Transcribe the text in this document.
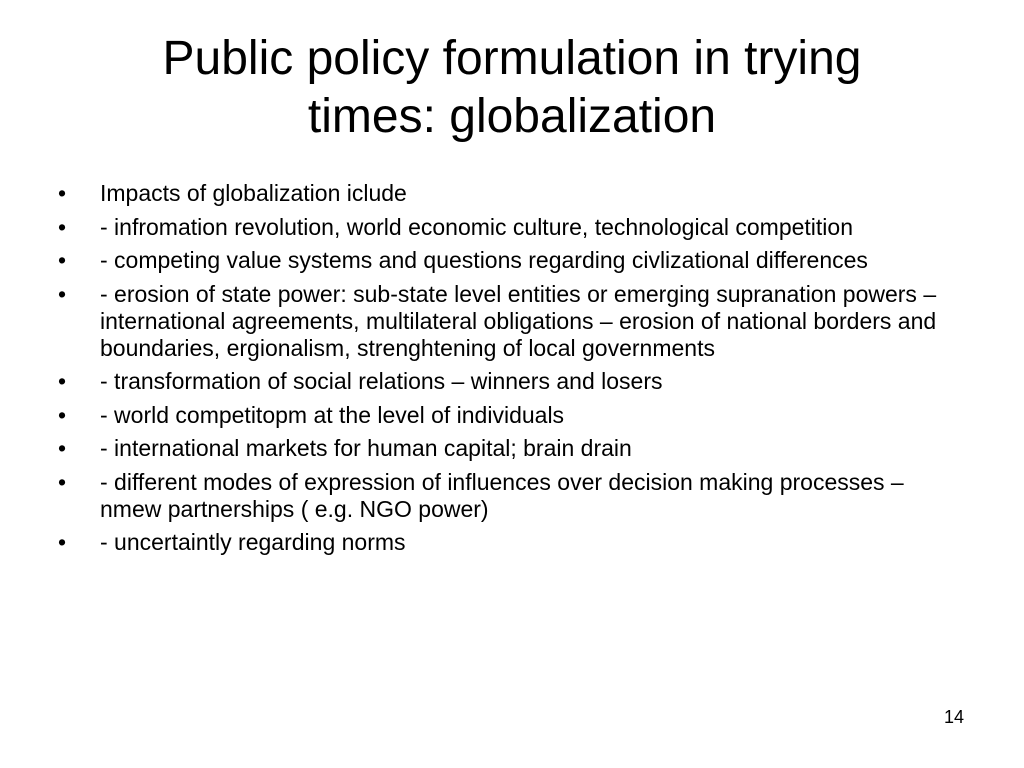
Public policy formulation in trying
times: globalization
•	Impacts of globalization iclude
•	- infromation revolution, world economic culture, technological competition
•	- competing value systems and questions regarding civlizational differences
•	- erosion of state power: sub-state level entities or emerging supranation powers – international agreements, multilateral obligations – erosion of national borders and boundaries, ergionalism, strenghtening of local governments
•	- transformation of social relations – winners and losers
•	- world competitopm at the level of individuals
•	- international markets for human capital; brain drain
•	- different modes of expression of influences over decision making processes – nmew partnerships ( e.g. NGO power)
•	- uncertaintly regarding norms
14
